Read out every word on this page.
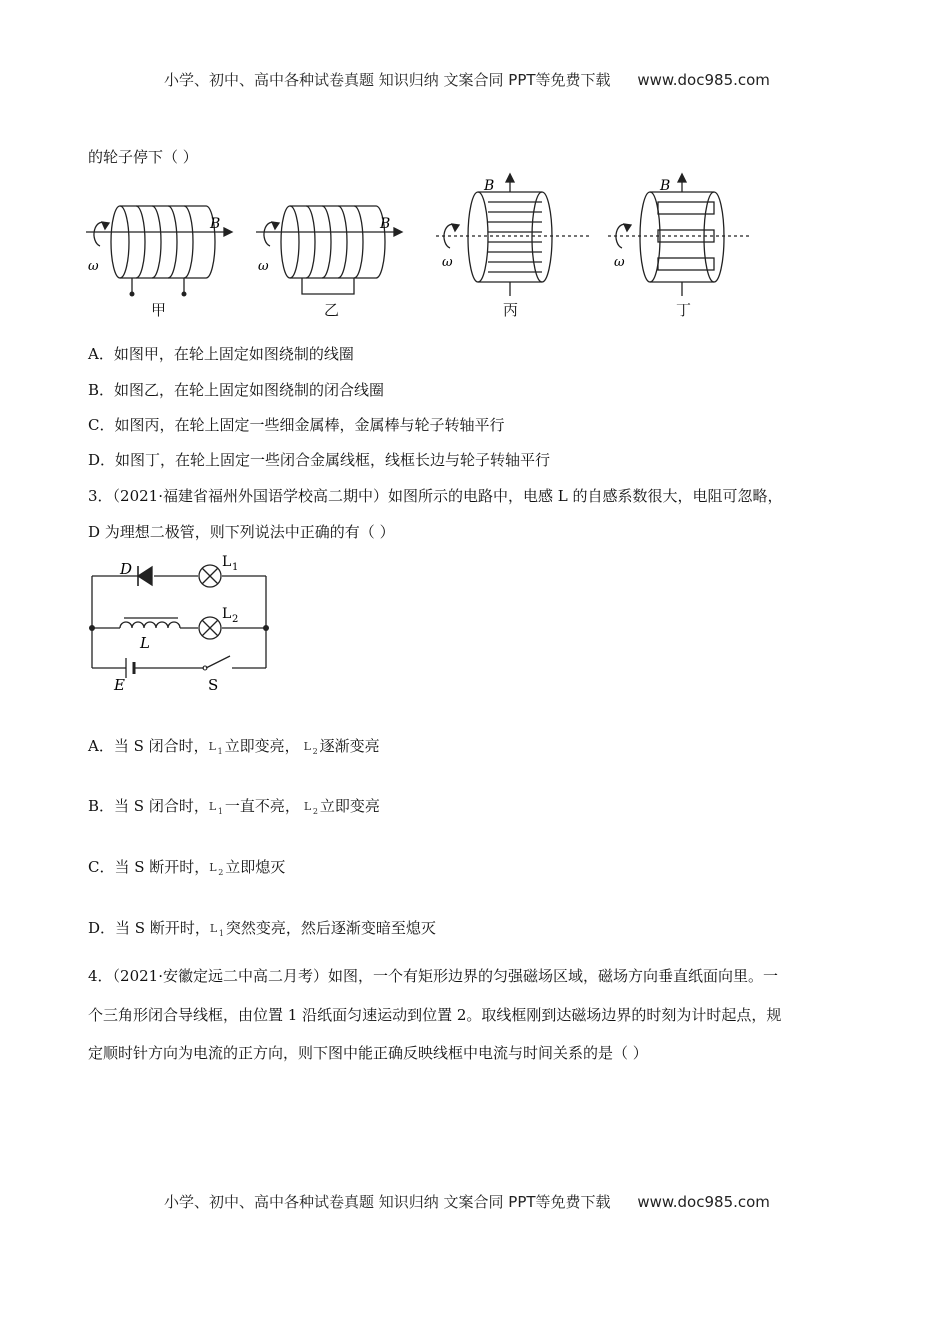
小学、初中、高中各种试卷真题 知识归纳 文案合同 PPT等免费下载 www.doc985.com
的轮子停下（ ）
B
ω
甲
B
ω
乙
B
ω
丙
B
ω
丁
A．如图甲，在轮上固定如图绕制的线圈
B．如图乙，在轮上固定如图绕制的闭合线圈
C．如图丙，在轮上固定一些细金属棒，金属棒与轮子转轴平行
D．如图丁，在轮上固定一些闭合金属线框，线框长边与轮子转轴平行
3．（2021·福建省福州外国语学校高二期中）如图所示的电路中，电感 L 的自感系数很大，电阻可忽略，
D 为理想二极管，则下列说法中正确的有（ ）
D	L 1
L 2
L
E	S
A．当 S 闭合时， L 1 立即变亮， L 2 逐渐变亮
B．当 S 闭合时， L 1 一直不亮， L 2 立即变亮
C．当 S 断开时， L 2 立即熄灭
D．当 S 断开时， L 1 突然变亮，然后逐渐变暗至熄灭
4．（2021·安徽定远二中高二月考）如图，一个有矩形边界的匀强磁场区域，磁场方向垂直纸面向里。一
个三角形闭合导线框，由位置 1 沿纸面匀速运动到位置 2。取线框刚到达磁场边界的时刻为计时起点，规
定顺时针方向为电流的正方向，则下图中能正确反映线框中电流与时间关系的是（ ）
小学、初中、高中各种试卷真题 知识归纳 文案合同 PPT等免费下载 www.doc985.com
